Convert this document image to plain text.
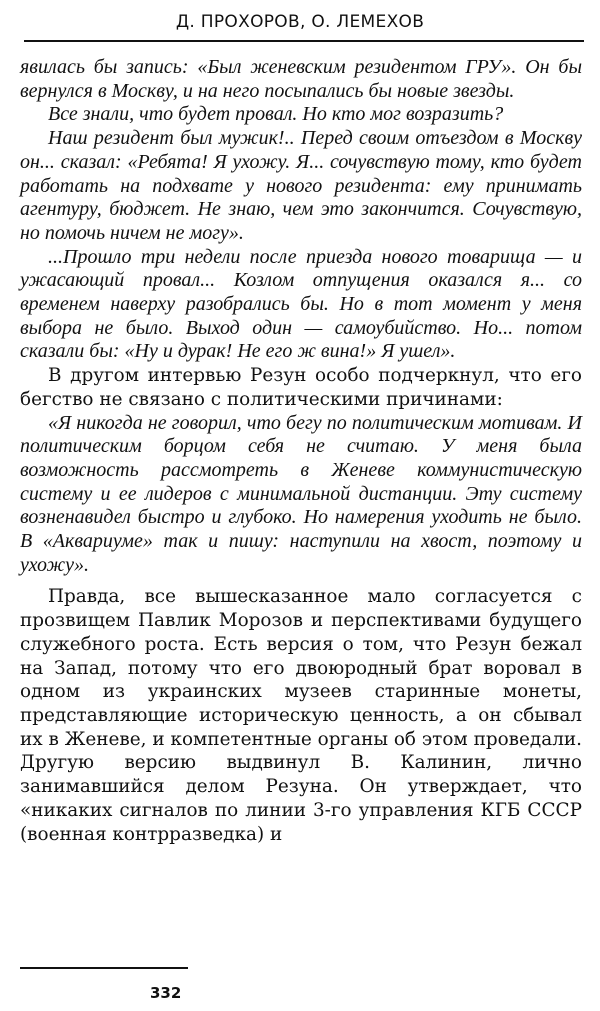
Д. ПРОХОРОВ, О. ЛЕМЕХОВ

явилась бы запись: «Был женевским резидентом ГРУ». Он бы вернулся в Москву, и на него посыпались бы новые звезды.

Все знали, что будет провал. Но кто мог возразить?

Наш резидент был мужик!.. Перед своим отъездом в Москву он... сказал: «Ребята! Я ухожу. Я... сочувствую тому, кто будет работать на подхвате у нового резидента: ему принимать агентуру, бюджет. Не знаю, чем это закончится. Сочувствую, но помочь ничем не могу».

...Прошло три недели после приезда нового товарища — и ужасающий провал... Козлом отпущения оказался я... со временем наверху разобрались бы. Но в тот момент у меня выбора не было. Выход один — самоубийство. Но... потом сказали бы: «Ну и дурак! Не его ж вина!» Я ушел».

В другом интервью Резун особо подчеркнул, что его бегство не связано с политическими причинами:

«Я никогда не говорил, что бегу по политическим мотивам. И политическим борцом себя не считаю. У меня была возможность рассмотреть в Женеве коммунистическую систему и ее лидеров с минимальной дистанции. Эту систему возненавидел быстро и глубоко. Но намерения уходить не было. В «Аквариуме» так и пишу: наступили на хвост, поэтому и ухожу».

Правда, все вышесказанное мало согласуется с прозвищем Павлик Морозов и перспективами будущего служебного роста. Есть версия о том, что Резун бежал на Запад, потому что его двоюродный брат воровал в одном из украинских музеев старинные монеты, представляющие историческую ценность, а он сбывал их в Женеве, и компетентные органы об этом проведали. Другую версию выдвинул В. Калинин, лично занимавшийся делом Резуна. Он утверждает, что «никаких сигналов по линии 3-го управления КГБ СССР (военная контрразведка) и

332
